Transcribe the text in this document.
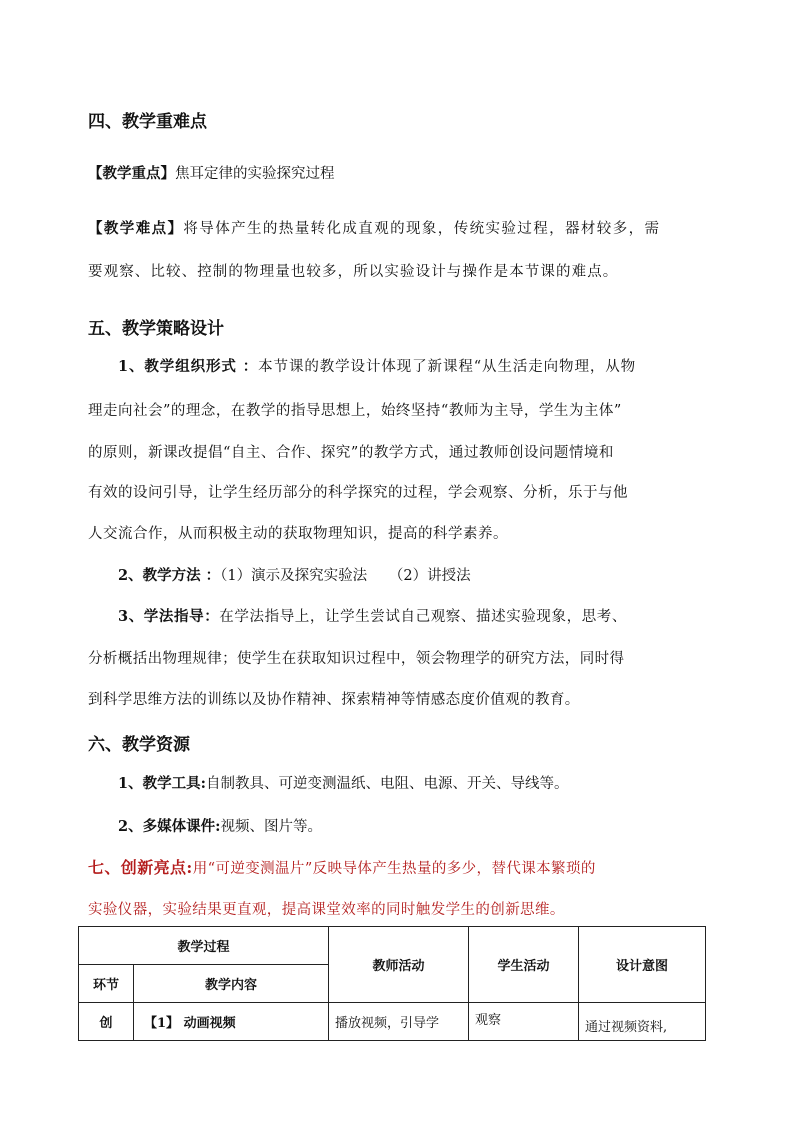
四、教学重难点
【教学重点】焦耳定律的实验探究过程
【教学难点】将导体产生的热量转化成直观的现象，传统实验过程，器材较多，需
要观察、比较、控制的物理量也较多，所以实验设计与操作是本节课的难点。
五、教学策略设计
1、教学组织形式 ：本节课的教学设计体现了新课程“从生活走向物理，从物
理走向社会”的理念，在教学的指导思想上，始终坚持“教师为主导，学生为主体”
的原则，新课改提倡“自主、合作、探究”的教学方式，通过教师创设问题情境和
有效的设问引导，让学生经历部分的科学探究的过程，学会观察、分析，乐于与他
人交流合作，从而积极主动的获取物理知识，提高的科学素养。
2、教学方法 ：（1）演示及探究实验法　　（2）讲授法
3、学法指导：在学法指导上，让学生尝试自己观察、描述实验现象，思考、
分析概括出物理规律；使学生在获取知识过程中，领会物理学的研究方法，同时得
到科学思维方法的训练以及协作精神、探索精神等情感态度价值观的教育。
六、教学资源
1、教学工具:自制教具、可逆变测温纸、电阻、电源、开关、导线等。
2、多媒体课件:视频、图片等。
七、创新亮点:用“可逆变测温片”反映导体产生热量的多少，替代课本繁琐的
实验仪器，实验结果更直观，提高课堂效率的同时触发学生的创新思维。
教学过程		教师活动	学生活动	设计意图
环节	教学内容			
创	【1】 动画视频	播放视频，引导学	观察	通过视频资料,
